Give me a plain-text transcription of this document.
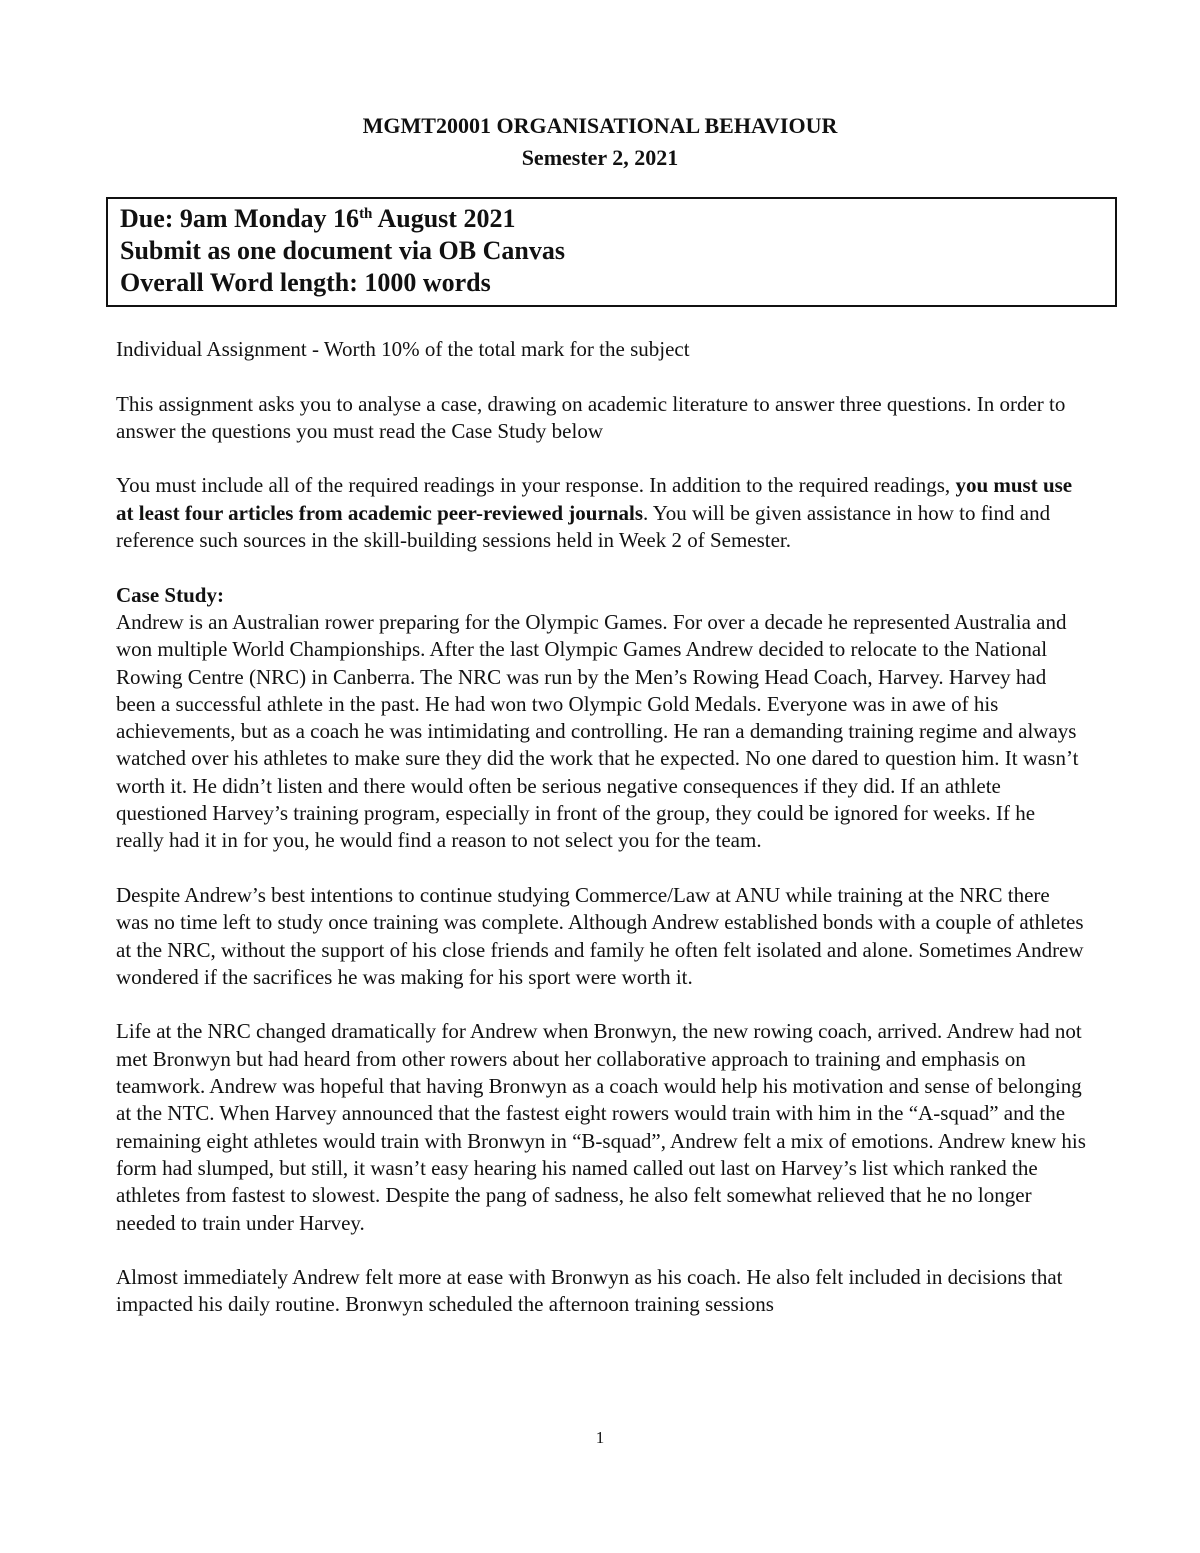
MGMT20001 ORGANISATIONAL BEHAVIOUR
Semester 2, 2021
Due: 9am Monday 16th August 2021
Submit as one document via OB Canvas
Overall Word length: 1000 words

Individual Assignment - Worth 10% of the total mark for the subject

This assignment asks you to analyse a case, drawing on academic literature to answer three questions. In order to answer the questions you must read the Case Study below

You must include all of the required readings in your response. In addition to the required readings, you must use at least four articles from academic peer-reviewed journals. You will be given assistance in how to find and reference such sources in the skill-building sessions held in Week 2 of Semester.

Case Study:

Andrew is an Australian rower preparing for the Olympic Games. For over a decade he represented Australia and won multiple World Championships. After the last Olympic Games Andrew decided to relocate to the National Rowing Centre (NRC) in Canberra. The NRC was run by the Men’s Rowing Head Coach, Harvey. Harvey had been a successful athlete in the past. He had won two Olympic Gold Medals. Everyone was in awe of his achievements, but as a coach he was intimidating and controlling. He ran a demanding training regime and always watched over his athletes to make sure they did the work that he expected. No one dared to question him. It wasn’t worth it. He didn’t listen and there would often be serious negative consequences if they did. If an athlete questioned Harvey’s training program, especially in front of the group, they could be ignored for weeks. If he really had it in for you, he would find a reason to not select you for the team.

Despite Andrew’s best intentions to continue studying Commerce/Law at ANU while training at the NRC there was no time left to study once training was complete. Although Andrew established bonds with a couple of athletes at the NRC, without the support of his close friends and family he often felt isolated and alone. Sometimes Andrew wondered if the sacrifices he was making for his sport were worth it.

Life at the NRC changed dramatically for Andrew when Bronwyn, the new rowing coach, arrived. Andrew had not met Bronwyn but had heard from other rowers about her collaborative approach to training and emphasis on teamwork. Andrew was hopeful that having Bronwyn as a coach would help his motivation and sense of belonging at the NTC. When Harvey announced that the fastest eight rowers would train with him in the “A-squad” and the remaining eight athletes would train with Bronwyn in “B-squad”, Andrew felt a mix of emotions. Andrew knew his form had slumped, but still, it wasn’t easy hearing his named called out last on Harvey’s list which ranked the athletes from fastest to slowest. Despite the pang of sadness, he also felt somewhat relieved that he no longer needed to train under Harvey.

Almost immediately Andrew felt more at ease with Bronwyn as his coach. He also felt included in decisions that impacted his daily routine. Bronwyn scheduled the afternoon training sessions

1
